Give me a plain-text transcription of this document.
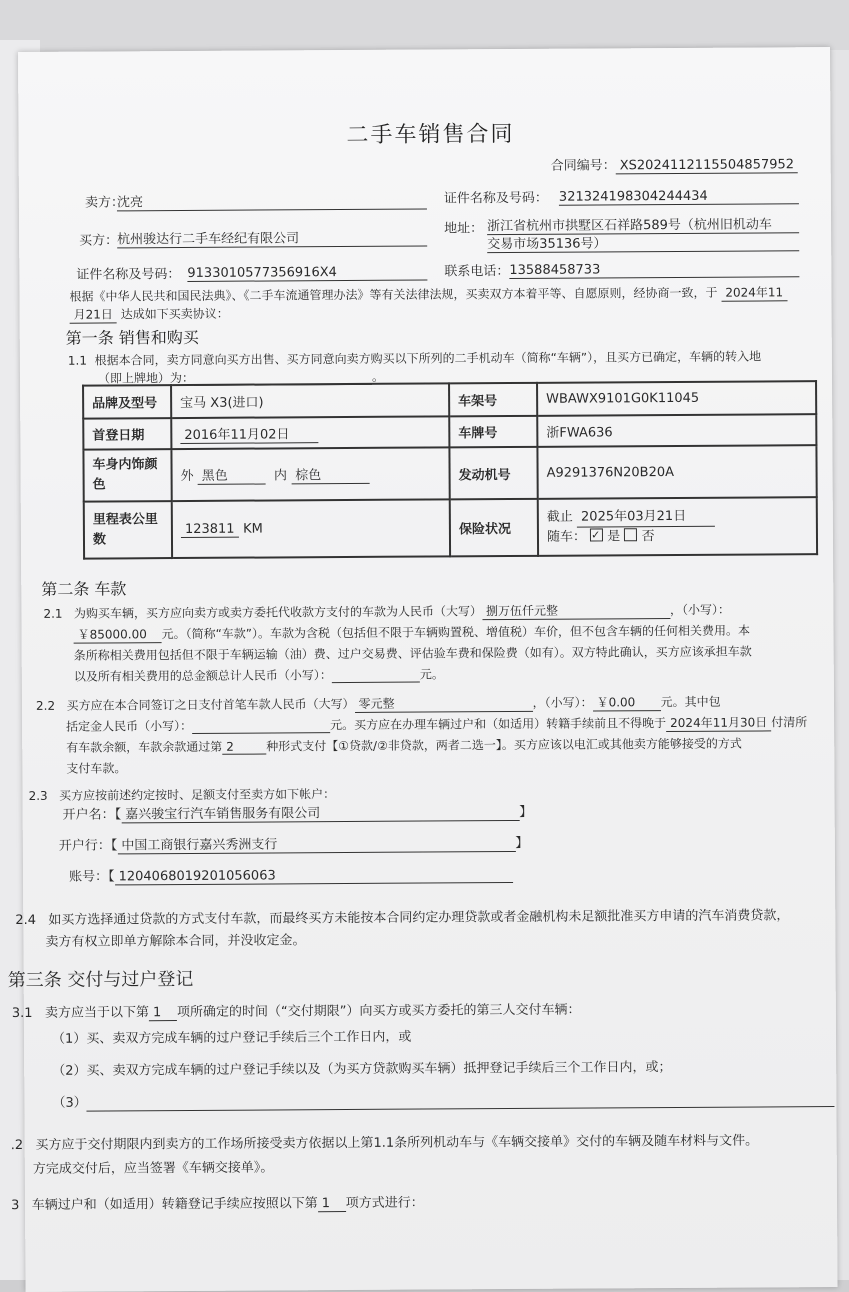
二手车销售合同
合同编号： XS2024112115504857952
卖方：
沈亮	证件名称及号码： 321324198304244434
买方：
杭州骏达行二手车经纪有限公司
地址： 浙江省杭州市拱墅区石祥路589号（杭州旧机动车
交易市场35136号）
证件名称及号码： 9133010577356916X4	联系电话： 13588458733
根据《中华人民共和国民法典》、《二手车流通管理办法》等有关法律法规，买卖双方本着平等、自愿原则，经协商一致，于 2024年11
月21日 达成如下买卖协议：
第一条 销售和购买
1.1 根据本合同，卖方同意向买方出售、买方同意向卖方购买以下所列的二手机动车（简称“车辆”），且买方已确定，车辆的转入地
（即上牌地）为：	。
品牌及型号	宝马 X3(进口)	车架号	WBAWX9101G0K11045
首登日期	2016年11月02日	车牌号	浙FWA636
车身内饰颜色	外 黑色 内 棕色	发动机号	A9291376N20B20A
里程表公里数	123811 KM	保险状况	截止 2025年03月21日
随车： ✓ 是 否
第二条 车款
2.1 为购买车辆，买方应向卖方或卖方委托代收款方支付的车款为人民币（大写） 捌万伍仟元整	，（小写）：
￥85000.00 元。（简称“车款”）。车款为含税（包括但不限于车辆购置税、增值税）车价，但不包含车辆的任何相关费用。本
条所称相关费用包括但不限于车辆运输（油）费、过户交易费、评估验车费和保险费（如有）。双方特此确认，买方应该承担车款
以及所有相关费用的总金额总计人民币（小写）：	元。
2.2 买方应在本合同签订之日支付首笔车款人民币（大写） 零元整	，（小写）： ￥0.00 元。其中包
括定金人民币（小写）：	元。买方应在办理车辆过户和（如适用）转籍手续前且不得晚于 2024年11月30日 付清所
有车款余额，车款余款通过第 2	种形式支付【①贷款/②非贷款，两者二选一】。买方应该以电汇或其他卖方能够接受的方式
支付车款。
2.3 买方应按前述约定按时、足额支付至卖方如下帐户：
开户名：【 嘉兴骏宝行汽车销售服务有限公司	】
开户行：【 中国工商银行嘉兴秀洲支行	】
账号：【 1204068019201056063
2.4 如买方选择通过贷款的方式支付车款，而最终买方未能按本合同约定办理贷款或者金融机构未足额批准买方申请的汽车消费贷款，
卖方有权立即单方解除本合同，并没收定金。
第三条 交付与过户登记
3.1 卖方应当于以下第 1 项所确定的时间（“交付期限”）向买方或买方委托的第三人交付车辆：
（1）买、卖双方完成车辆的过户登记手续后三个工作日内，或
（2）买、卖双方完成车辆的过户登记手续以及（为买方贷款购买车辆）抵押登记手续后三个工作日内，或；
（3）
.2 买方应于交付期限内到卖方的工作场所接受卖方依据以上第1.1条所列机动车与《车辆交接单》交付的车辆及随车材料与文件。
方完成交付后，应当签署《车辆交接单》。
3 车辆过户和（如适用）转籍登记手续应按照以下第 1 项方式进行：
